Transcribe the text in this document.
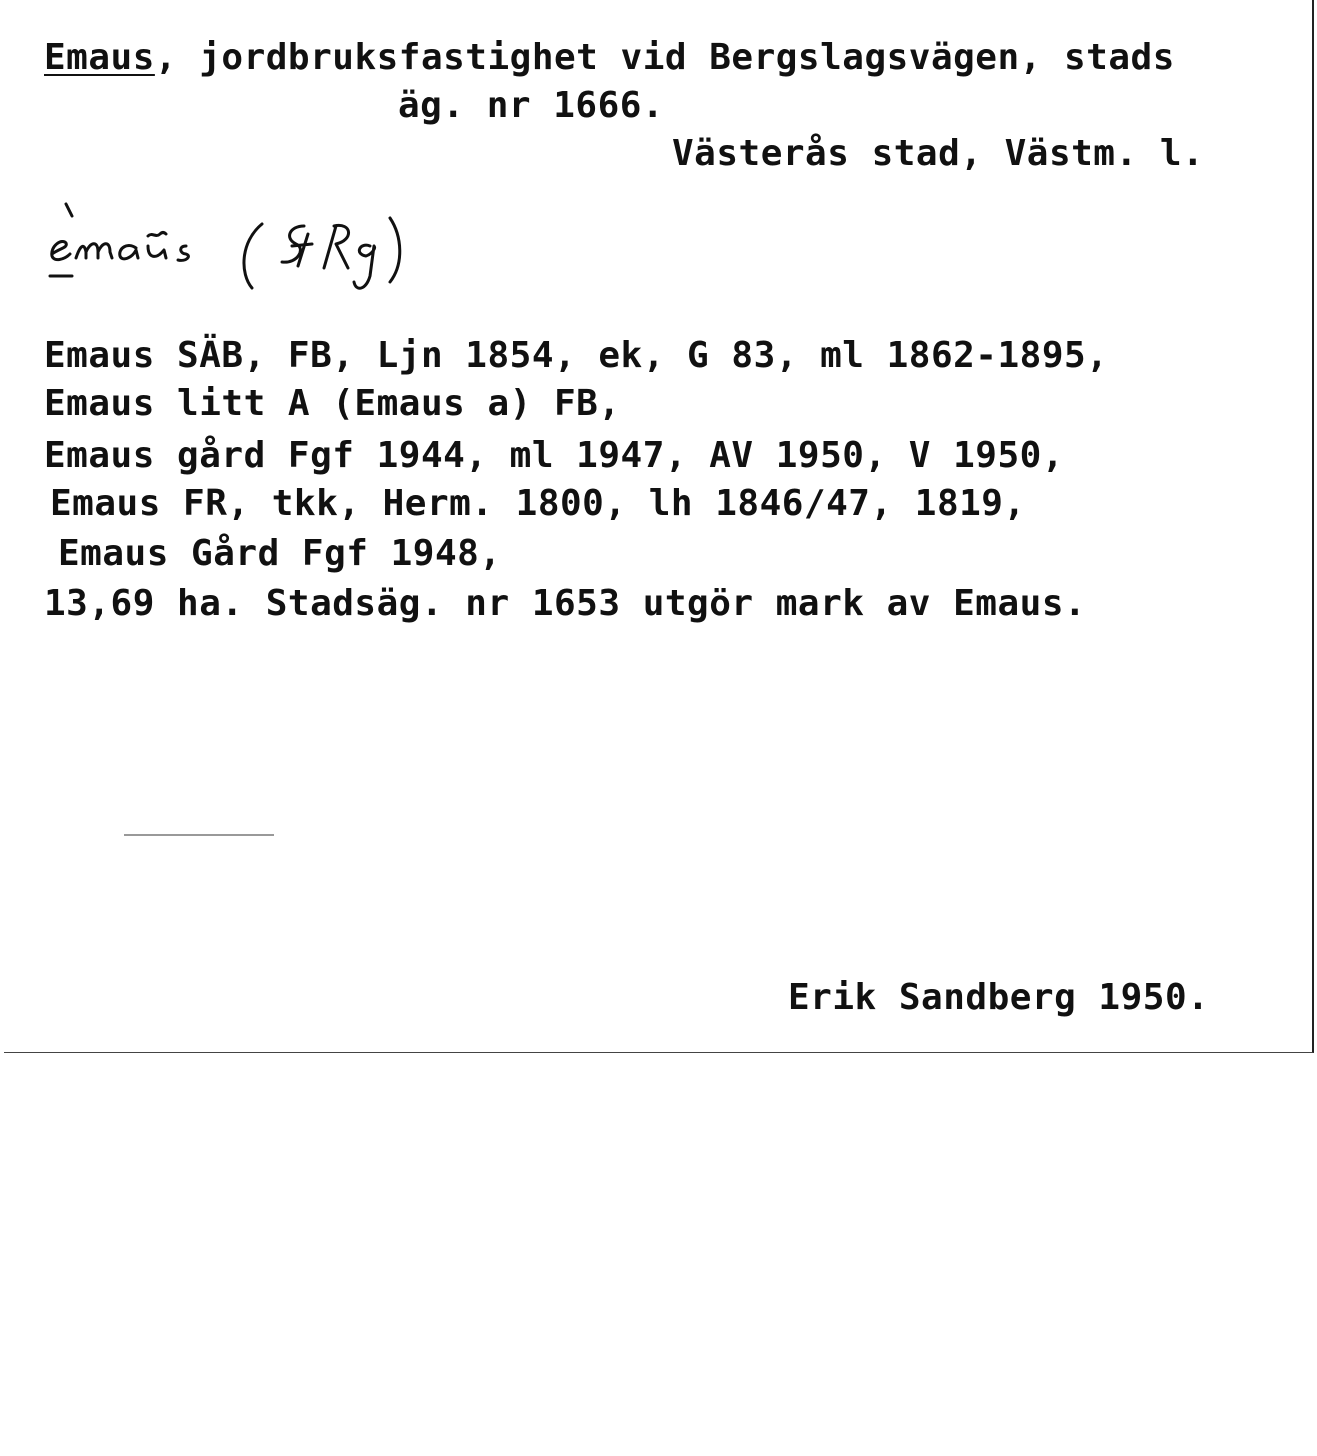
Emaus, jordbruksfastighet vid Bergslagsvägen, stads
äg. nr 1666.
Västerås stad, Västm. l.
Emaus SÄB, FB, Ljn 1854, ek, G 83, ml 1862-1895,
Emaus litt A (Emaus a) FB,
Emaus gård Fgf 1944, ml 1947, AV 1950, V 1950,
Emaus FR, tkk, Herm. 1800, lh 1846/47, 1819,
Emaus Gård Fgf 1948,
13,69 ha. Stadsäg. nr 1653 utgör mark av Emaus.
Erik Sandberg 1950.
